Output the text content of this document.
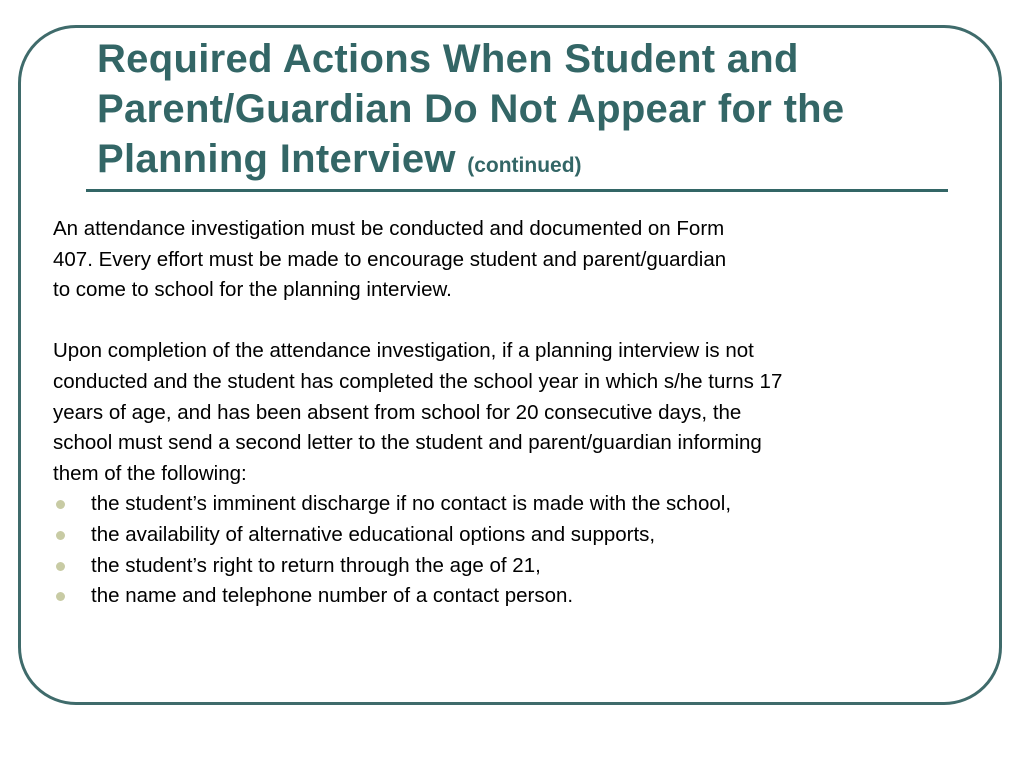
Required Actions When Student and Parent/Guardian Do Not Appear for the Planning Interview (continued)

An attendance investigation must be conducted and documented on Form
407. Every effort must be made to encourage student and parent/guardian
to come to school for the planning interview.

Upon completion of the attendance investigation, if a planning interview is not
conducted and the student has completed the school year in which s/he turns 17
years of age, and has been absent from school for 20 consecutive days, the
school must send a second letter to the student and parent/guardian informing
them of the following:

the student’s imminent discharge if no contact is made with the school,
the availability of alternative educational options and supports,
the student’s right to return through the age of 21,
the name and telephone number of a contact person.
